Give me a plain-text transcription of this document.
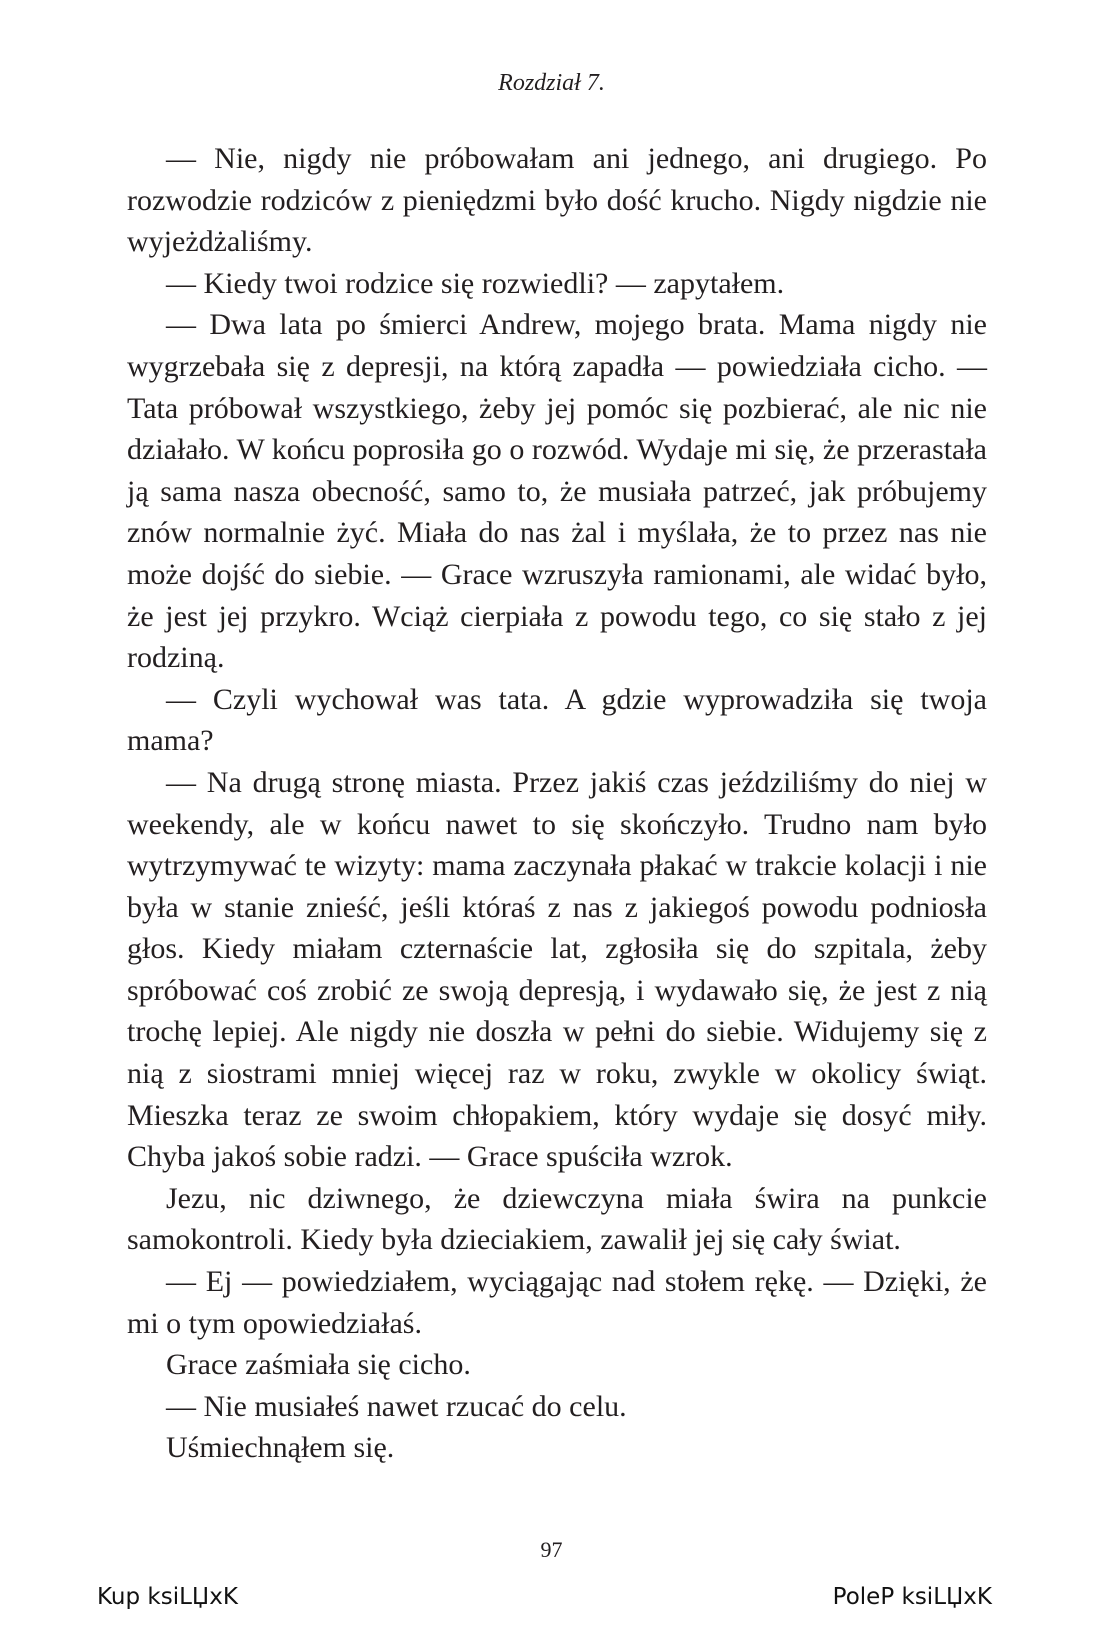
Rozdział 7.

— Nie, nigdy nie próbowałam ani jednego, ani drugiego. Po rozwodzie rodziców z pieniędzmi było dość krucho. Nigdy nigdzie nie wyjeżdżaliśmy.

— Kiedy twoi rodzice się rozwiedli? — zapytałem.

— Dwa lata po śmierci Andrew, mojego brata. Mama nigdy nie wygrzebała się z depresji, na którą zapadła — powiedziała cicho. — Tata próbował wszystkiego, żeby jej pomóc się pozbierać, ale nic nie działało. W końcu poprosiła go o rozwód. Wydaje mi się, że przerastała ją sama nasza obecność, samo to, że musiała patrzeć, jak próbujemy znów normalnie żyć. Miała do nas żal i myślała, że to przez nas nie może dojść do siebie. — Grace wzruszyła ramionami, ale widać było, że jest jej przykro. Wciąż cierpiała z powodu tego, co się stało z jej rodziną.

— Czyli wychował was tata. A gdzie wyprowadziła się twoja mama?

— Na drugą stronę miasta. Przez jakiś czas jeździliśmy do niej w weekendy, ale w końcu nawet to się skończyło. Trudno nam było wytrzymywać te wizyty: mama zaczynała płakać w trakcie kolacji i nie była w stanie znieść, jeśli któraś z nas z jakiegoś powodu podniosła głos. Kiedy miałam czternaście lat, zgłosiła się do szpitala, żeby spróbować coś zrobić ze swoją depresją, i wydawało się, że jest z nią trochę lepiej. Ale nigdy nie doszła w pełni do siebie. Widujemy się z nią z siostrami mniej więcej raz w roku, zwykle w okolicy świąt. Mieszka teraz ze swoim chłopakiem, który wydaje się dosyć miły. Chyba jakoś sobie radzi. — Grace spuściła wzrok.

Jezu, nic dziwnego, że dziewczyna miała świra na punkcie samokontroli. Kiedy była dzieciakiem, zawalił jej się cały świat.

— Ej — powiedziałem, wyciągając nad stołem rękę. — Dzięki, że mi o tym opowiedziałaś.

Grace zaśmiała się cicho.

— Nie musiałeś nawet rzucać do celu.

Uśmiechnąłem się.

97
Kup ksiLЏxK	PoleP ksiLЏxK
